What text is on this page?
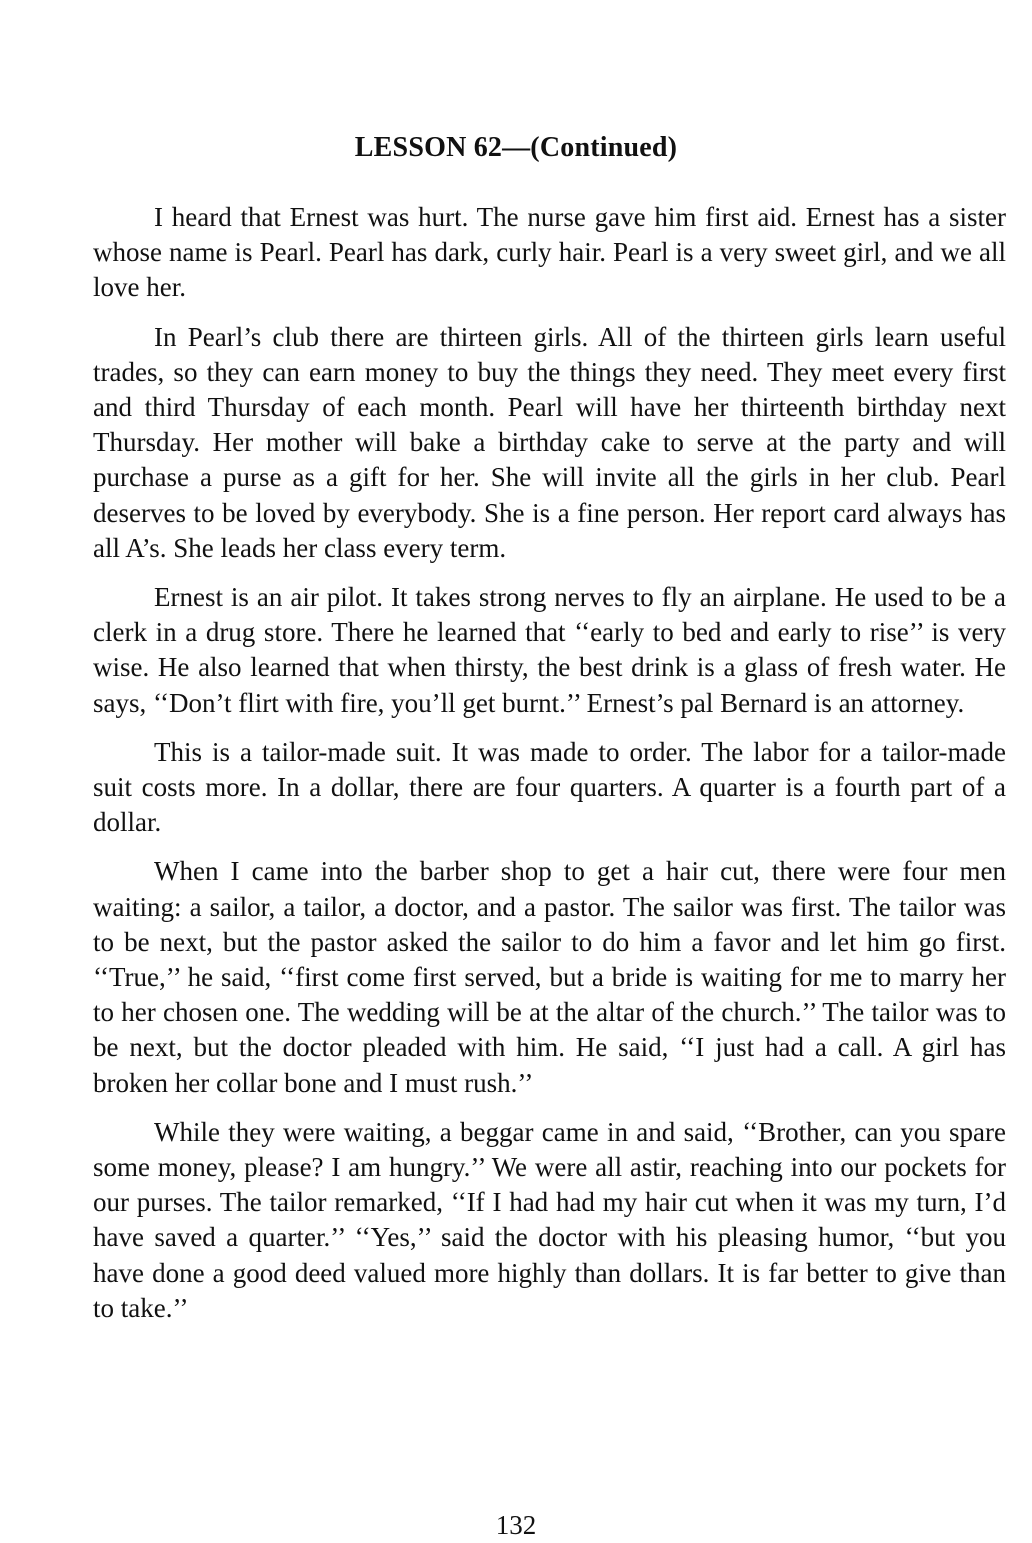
LESSON 62—(Continued)

I heard that Ernest was hurt. The nurse gave him first aid. Ernest has a sister whose name is Pearl. Pearl has dark, curly hair. Pearl is a very sweet girl, and we all love her.

In Pearl’s club there are thirteen girls. All of the thirteen girls learn useful trades, so they can earn money to buy the things they need. They meet every first and third Thursday of each month. Pearl will have her thirteenth birthday next Thursday. Her mother will bake a birthday cake to serve at the party and will purchase a purse as a gift for her. She will invite all the girls in her club. Pearl deserves to be loved by everybody. She is a fine person. Her report card always has all A’s. She leads her class every term.

Ernest is an air pilot. It takes strong nerves to fly an airplane. He used to be a clerk in a drug store. There he learned that ‘‘early to bed and early to rise’’ is very wise. He also learned that when thirsty, the best drink is a glass of fresh water. He says, ‘‘Don’t flirt with fire, you’ll get burnt.’’ Ernest’s pal Bernard is an attorney.

This is a tailor-made suit. It was made to order. The labor for a tailor-made suit costs more. In a dollar, there are four quarters. A quarter is a fourth part of a dollar.

When I came into the barber shop to get a hair cut, there were four men waiting: a sailor, a tailor, a doctor, and a pastor. The sailor was first. The tailor was to be next, but the pastor asked the sailor to do him a favor and let him go first. ‘‘True,’’ he said, ‘‘first come first served, but a bride is waiting for me to marry her to her chosen one. The wedding will be at the altar of the church.’’ The tailor was to be next, but the doctor pleaded with him. He said, ‘‘I just had a call. A girl has broken her collar bone and I must rush.’’

While they were waiting, a beggar came in and said, ‘‘Brother, can you spare some money, please? I am hungry.’’ We were all astir, reaching into our pockets for our purses. The tailor remarked, ‘‘If I had had my hair cut when it was my turn, I’d have saved a quarter.’’ ‘‘Yes,’’ said the doctor with his pleasing humor, ‘‘but you have done a good deed valued more highly than dollars. It is far better to give than to take.’’

132
